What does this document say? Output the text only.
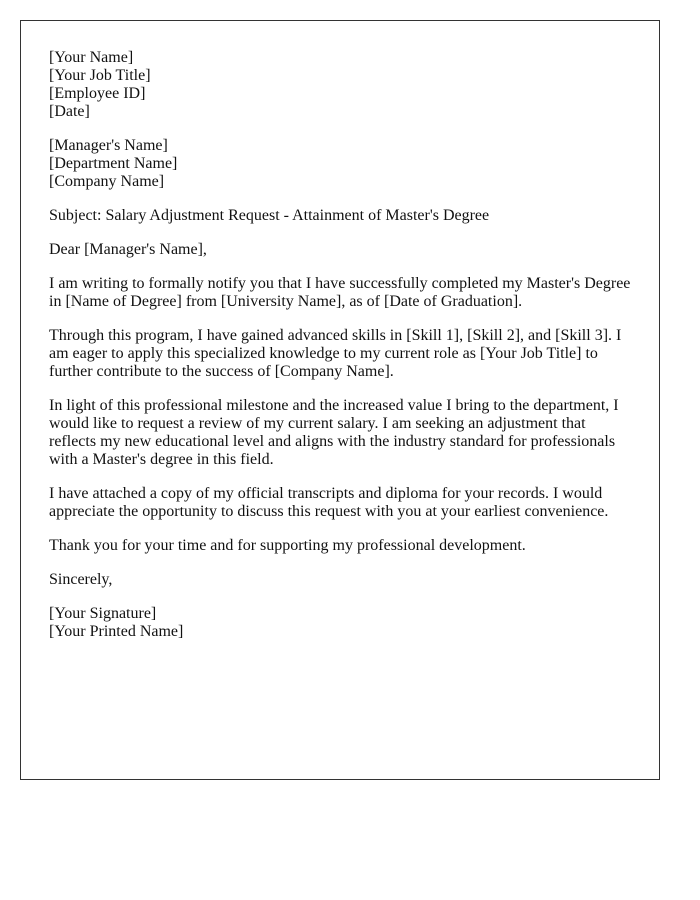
[Your Name]
[Your Job Title]
[Employee ID]
[Date]
[Manager's Name]
[Department Name]
[Company Name]
Subject: Salary Adjustment Request - Attainment of Master's Degree
Dear [Manager's Name],
I am writing to formally notify you that I have successfully completed my Master's Degree
in [Name of Degree] from [University Name], as of [Date of Graduation].
Through this program, I have gained advanced skills in [Skill 1], [Skill 2], and [Skill 3]. I
am eager to apply this specialized knowledge to my current role as [Your Job Title] to
further contribute to the success of [Company Name].
In light of this professional milestone and the increased value I bring to the department, I
would like to request a review of my current salary. I am seeking an adjustment that
reflects my new educational level and aligns with the industry standard for professionals
with a Master's degree in this field.
I have attached a copy of my official transcripts and diploma for your records. I would
appreciate the opportunity to discuss this request with you at your earliest convenience.
Thank you for your time and for supporting my professional development.
Sincerely,
[Your Signature]
[Your Printed Name]
